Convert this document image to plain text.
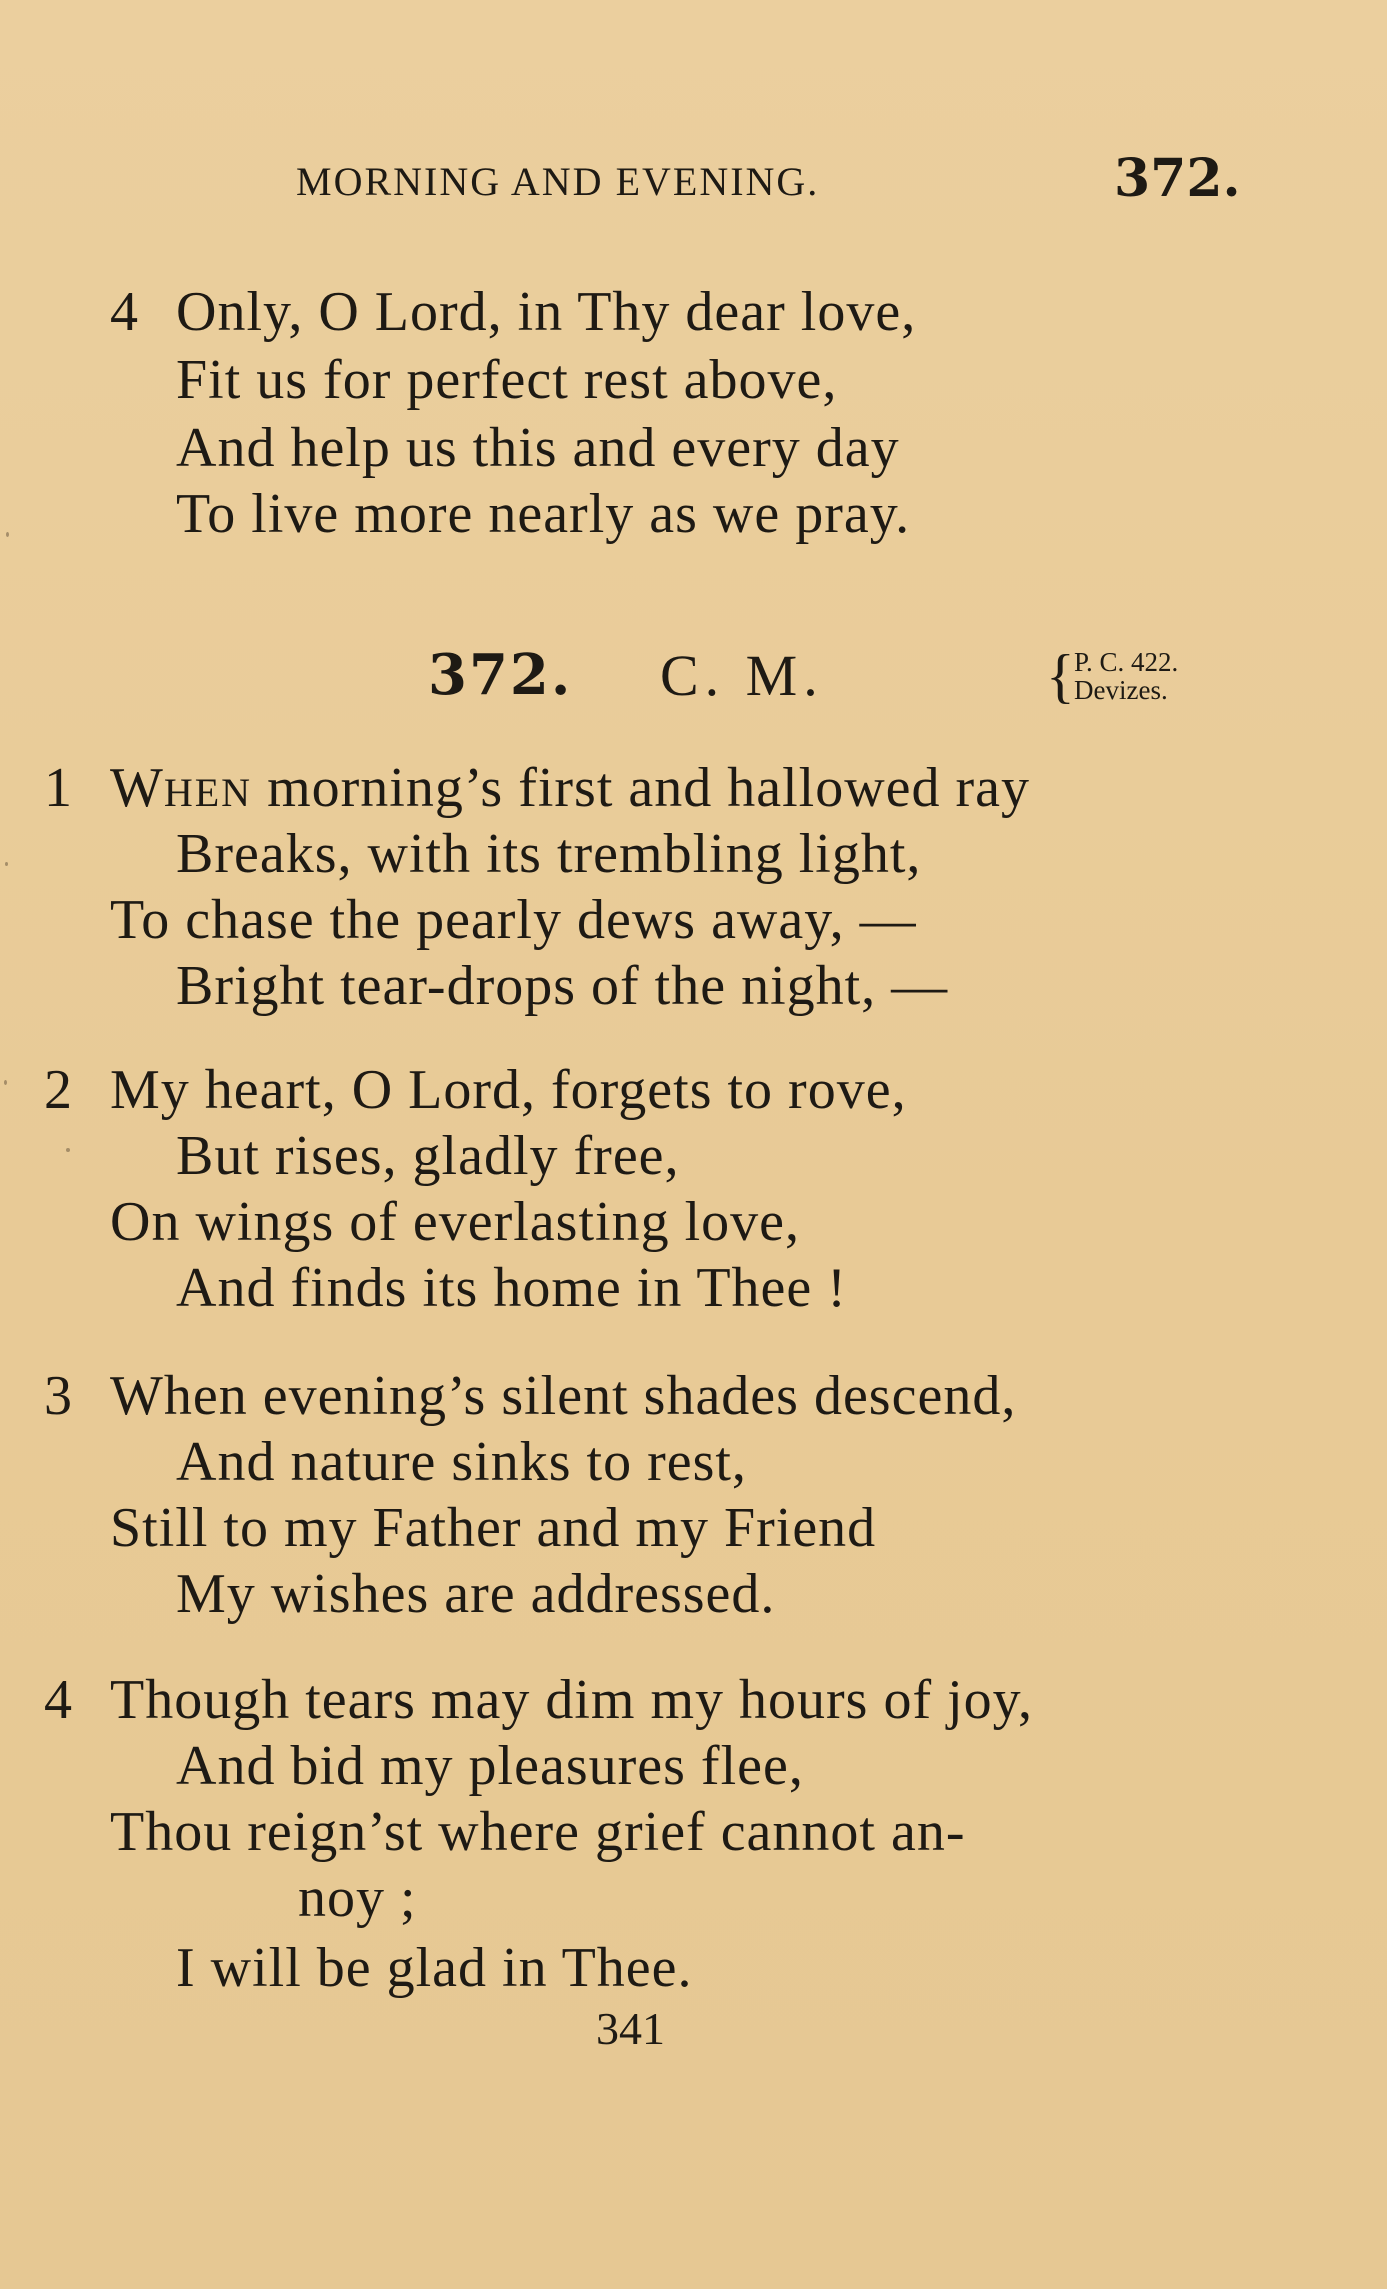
MORNING AND EVENING.	372.
4 Only, O Lord, in Thy dear love,
Fit us for perfect rest above,
And help us this and every day
To live more nearly as we pray.
372. C. M.	{ P. C. 422.
Devizes.
1 WHEN morning’s first and hallowed ray
Breaks, with its trembling light,
To chase the pearly dews away, —
Bright tear-drops of the night, —
2 My heart, O Lord, forgets to rove,
But rises, gladly free,
On wings of everlasting love,
And finds its home in Thee !
3 When evening’s silent shades descend,
And nature sinks to rest,
Still to my Father and my Friend
My wishes are addressed.
4 Though tears may dim my hours of joy,
And bid my pleasures flee,
Thou reign’st where grief cannot an-
noy ;
I will be glad in Thee.
341
